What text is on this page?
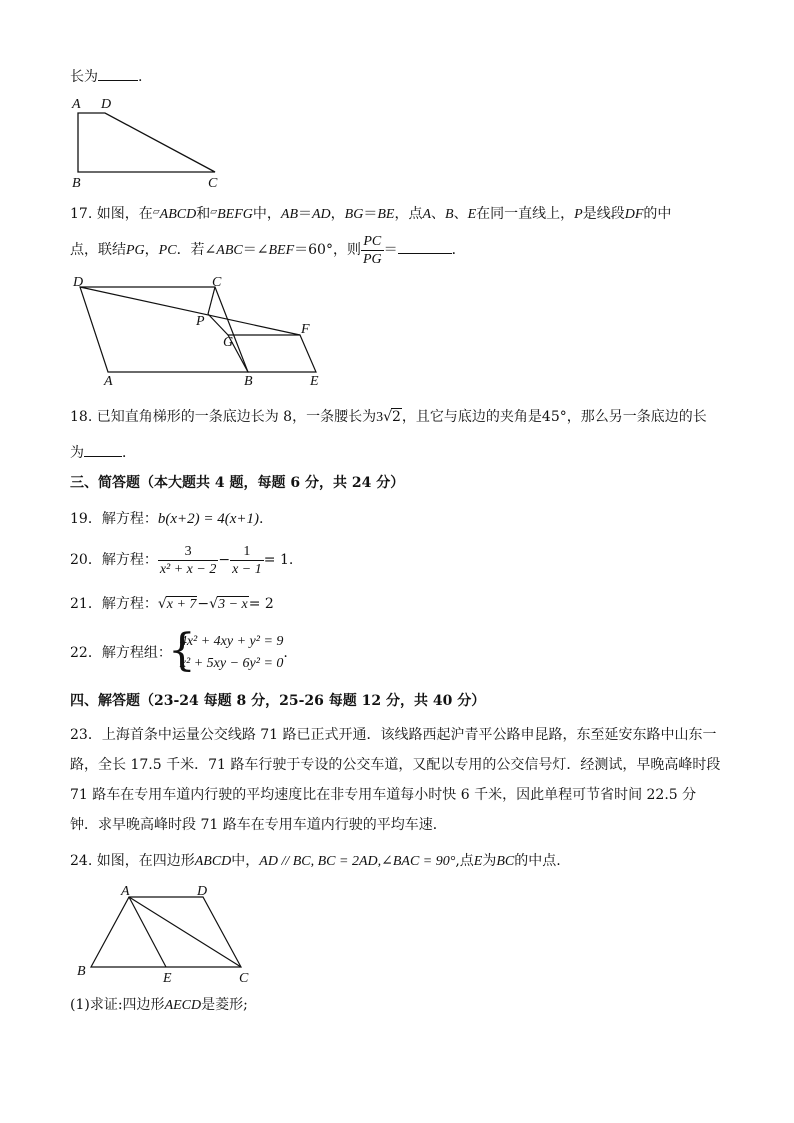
长为	.
A D
B	C
17. 如图，在▱ABCD和▱BEFG中，AB＝AD，BG＝BE，点A、B、E在同一直线上，P是线段DF的中
点，联结PG，PC．若∠ABC＝∠BEF＝60°，则 $\frac{PC}{PG}$ ＝	．
D	C
P
F
G
A	B	E
18. 已知直角梯形的一条底边长为 8，一条腰长为3√2，且它与底边的夹角是45°，那么另一条底边的长
为	．
三、简答题（本大题共 4 题，每题 6 分，共 24 分）
19．解方程：b(x+2) = 4(x+1).
20．解方程： $\frac{3}{\text{x² + x − 2}} - \frac{1}{x - 1} = 1$.
21．解方程：√x + 7−√3 − x= 2
22．解方程组：
{
4x² + 4xy + y² = 9
x² + 5xy − 6y² = 0
.
四、解答题（23-24 每题 8 分，25-26 每题 12 分，共 40 分）
23．上海首条中运量公交线路 71 路已正式开通．该线路西起沪青平公路申昆路，东至延安东路中山东一
路，全长 17.5 千米．71 路车行驶于专设的公交车道，又配以专用的公交信号灯．经测试，早晚高峰时段
71 路车在专用车道内行驶的平均速度比在非专用车道每小时快 6 千米，因此单程可节省时间 22.5 分
钟．求早晚高峰时段 71 路车在专用车道内行驶的平均车速．
24. 如图，在四边形ABCD中，AD // BC, BC = 2AD,∠BAC = 90°,点E为BC的中点.
A	D
B	E	C
(1)求证:四边形AECD是菱形;
